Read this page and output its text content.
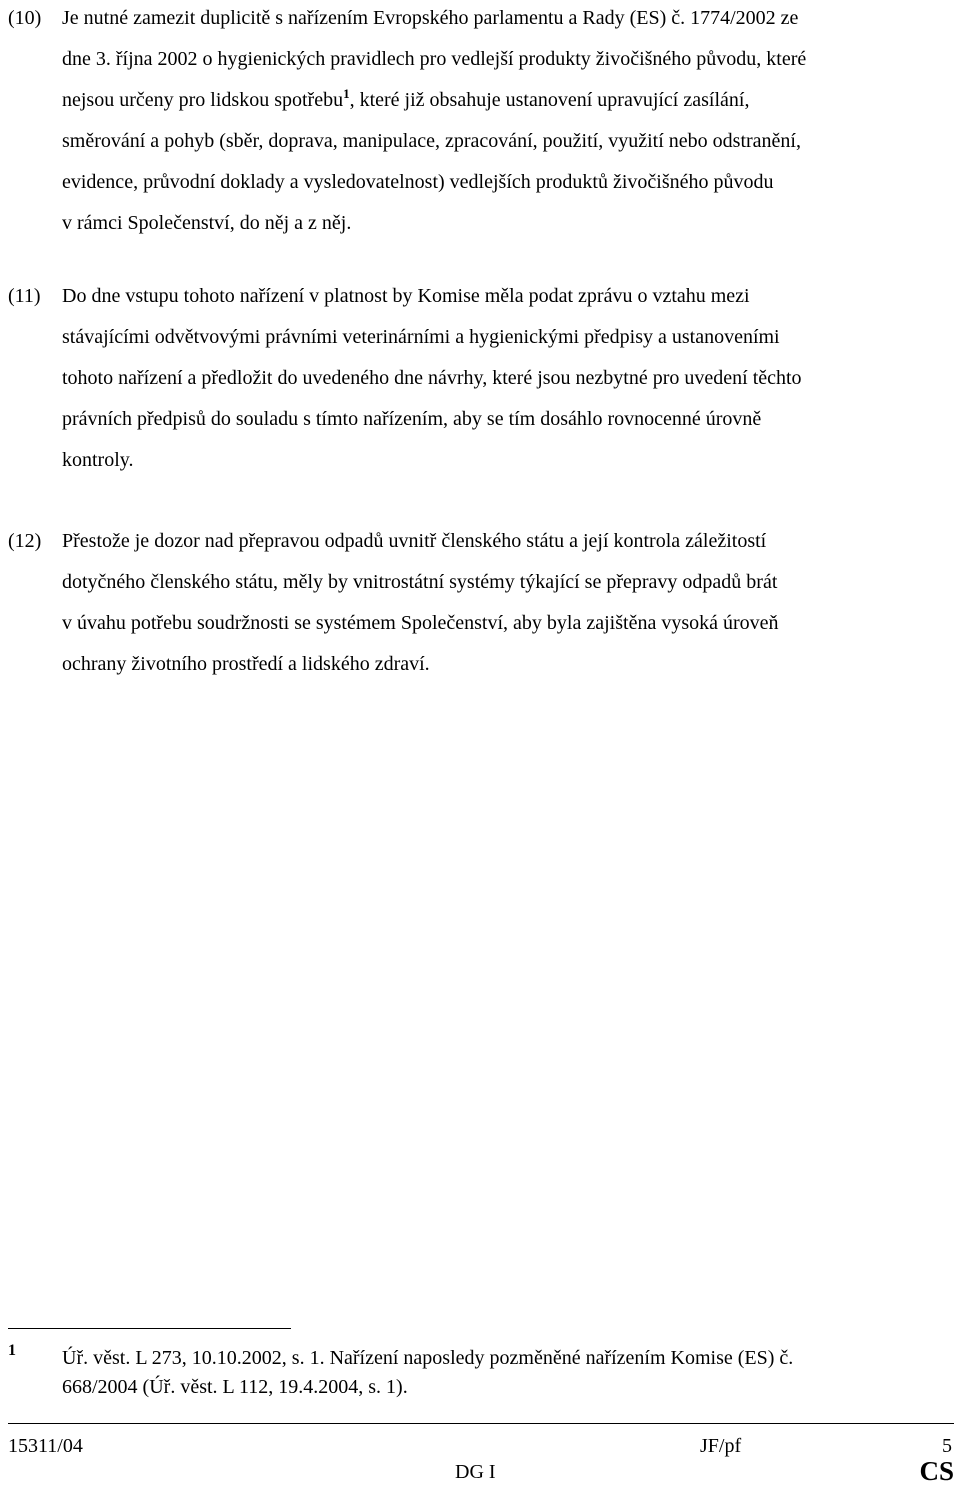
(10) Je nutné zamezit duplicitě s nařízením Evropského parlamentu a Rady (ES) č. 1774/2002 ze
dne 3. října 2002 o hygienických pravidlech pro vedlejší produkty živočišného původu, které
nejsou určeny pro lidskou spotřebu$^1$, které již obsahuje ustanovení upravující zasílání,
směrování a pohyb (sběr, doprava, manipulace, zpracování, použití, využití nebo odstranění,
evidence, průvodní doklady a vysledovatelnost) vedlejších produktů živočišného původu
v rámci Společenství, do něj a z něj.
(11) Do dne vstupu tohoto nařízení v platnost by Komise měla podat zprávu o vztahu mezi
stávajícími odvětvovými právními veterinárními a hygienickými předpisy a ustanoveními
tohoto nařízení a předložit do uvedeného dne návrhy, které jsou nezbytné pro uvedení těchto
právních předpisů do souladu s tímto nařízením, aby se tím dosáhlo rovnocenné úrovně
kontroly.
(12) Přestože je dozor nad přepravou odpadů uvnitř členského státu a její kontrola záležitostí
dotyčného členského státu, měly by vnitrostátní systémy týkající se přepravy odpadů brát
v úvahu potřebu soudržnosti se systémem Společenství, aby byla zajištěna vysoká úroveň
ochrany životního prostředí a lidského zdraví.
1 Úř. věst. L 273, 10.10.2002, s. 1. Nařízení naposledy pozměněné nařízením Komise (ES) č.
668/2004 (Úř. věst. L 112, 19.4.2004, s. 1).
15311/04	JF/pf	5
DG I	CS
